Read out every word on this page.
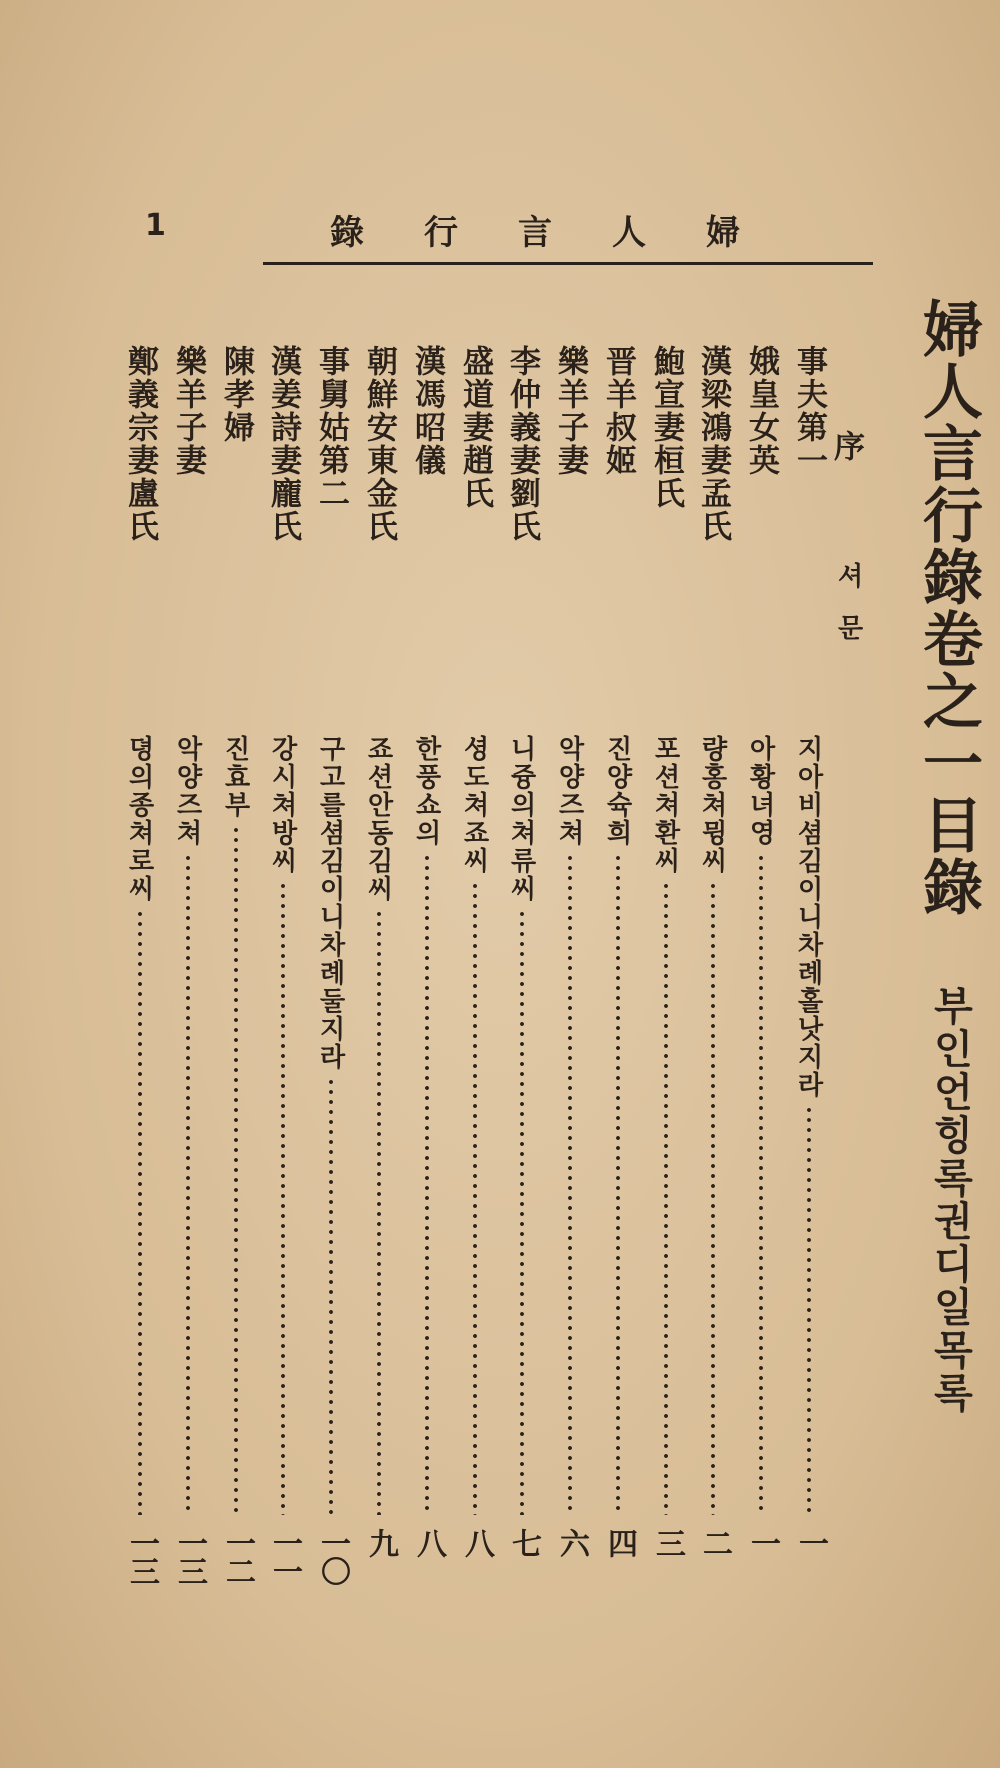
1	錄 行 言 人 婦
婦人言行錄卷之一目錄
부인언힝록권디일목록
序
셔문
事夫第一
지아비셤김이니차례홀낫지라
一
娥皇女英
아황녀영
一
漢梁鴻妻孟氏
량홍쳐뮝씨
二
鮑宣妻桓氏
포션쳐환씨
三
晋羊叔姬
진양슉희
四
樂羊子妻
악양즈쳐
六
李仲義妻劉氏
니즁의쳐류씨
七
盛道妻趙氏
셩도쳐죠씨
八
漢馮昭儀
한풍쇼의
八
朝鮮安東金氏
죠션안동김씨
九
事舅姑第二
구고를셤김이니차례둘지라
一〇
漢姜詩妻龐氏
강시쳐방씨
一一
陳孝婦
진효부
一二
樂羊子妻
악양즈쳐
一三
鄭義宗妻盧氏
뎡의종쳐로씨
一三
